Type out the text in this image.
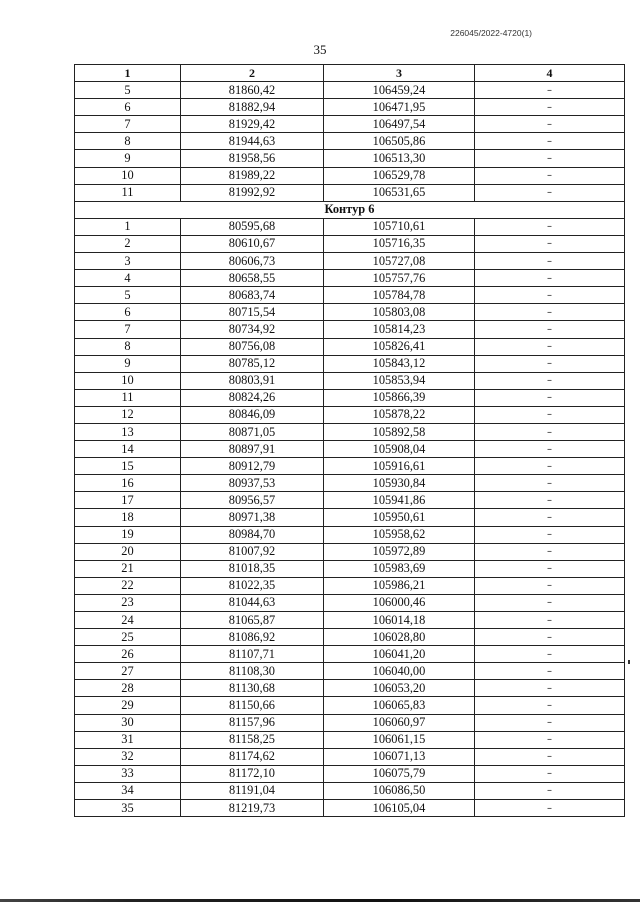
226045/2022-4720(1)
35
1	2	3	4
5	81860,42	106459,24	–
6	81882,94	106471,95	–
7	81929,42	106497,54	–
8	81944,63	106505,86	–
9	81958,56	106513,30	–
10	81989,22	106529,78	–
11	81992,92	106531,65	–
Контур 6			
1	80595,68	105710,61	–
2	80610,67	105716,35	–
3	80606,73	105727,08	–
4	80658,55	105757,76	–
5	80683,74	105784,78	–
6	80715,54	105803,08	–
7	80734,92	105814,23	–
8	80756,08	105826,41	–
9	80785,12	105843,12	–
10	80803,91	105853,94	–
11	80824,26	105866,39	–
12	80846,09	105878,22	–
13	80871,05	105892,58	–
14	80897,91	105908,04	–
15	80912,79	105916,61	–
16	80937,53	105930,84	–
17	80956,57	105941,86	–
18	80971,38	105950,61	–
19	80984,70	105958,62	–
20	81007,92	105972,89	–
21	81018,35	105983,69	–
22	81022,35	105986,21	–
23	81044,63	106000,46	–
24	81065,87	106014,18	–
25	81086,92	106028,80	–
26	81107,71	106041,20	–
27	81108,30	106040,00	–
28	81130,68	106053,20	–
29	81150,66	106065,83	–
30	81157,96	106060,97	–
31	81158,25	106061,15	–
32	81174,62	106071,13	–
33	81172,10	106075,79	–
34	81191,04	106086,50	–
35	81219,73	106105,04	–
